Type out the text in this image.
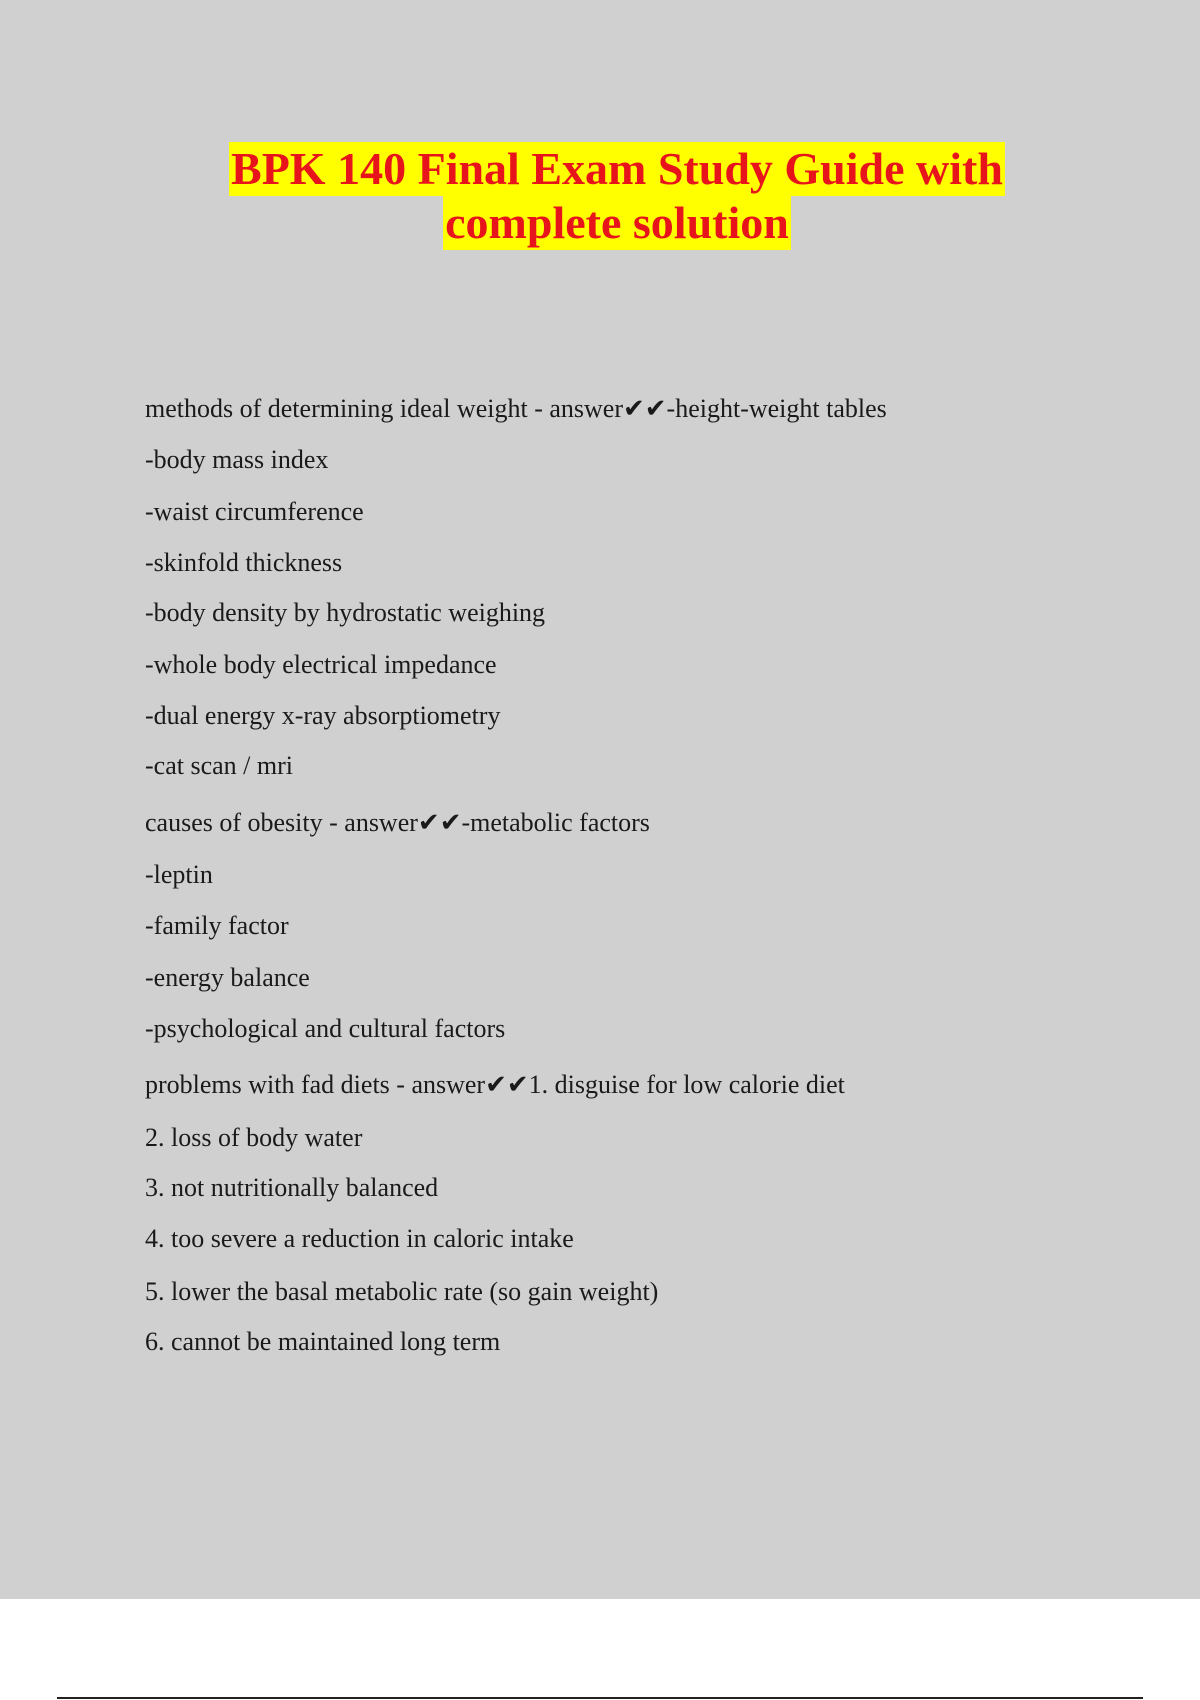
BPK 140 Final Exam Study Guide with
complete solution
methods of determining ideal weight - answer✔✔-height-weight tables
-body mass index
-waist circumference
-skinfold thickness
-body density by hydrostatic weighing
-whole body electrical impedance
-dual energy x-ray absorptiometry
-cat scan / mri
causes of obesity - answer✔✔-metabolic factors
-leptin
-family factor
-energy balance
-psychological and cultural factors
problems with fad diets - answer✔✔1. disguise for low calorie diet
2. loss of body water
3. not nutritionally balanced
4. too severe a reduction in caloric intake
5. lower the basal metabolic rate (so gain weight)
6. cannot be maintained long term
